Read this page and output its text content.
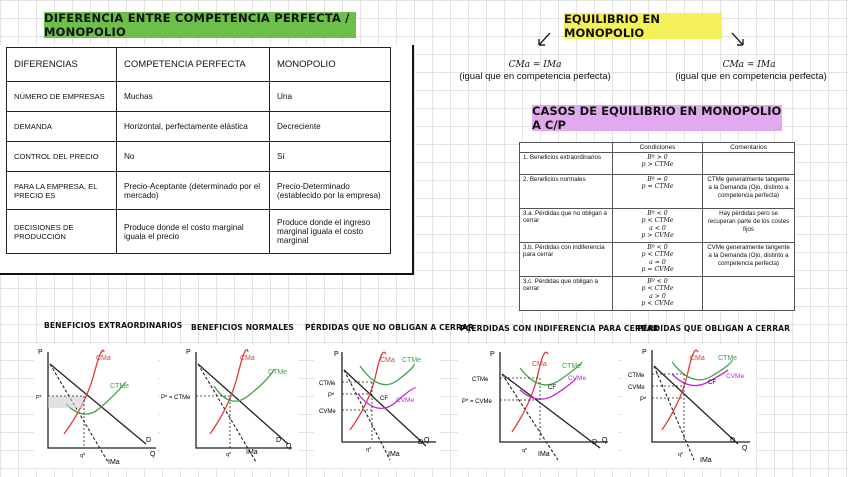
DIFERENCIA ENTRE COMPETENCIA PERFECTA / MONOPOLIO
DIFERENCIAS	COMPETENCIA PERFECTA	MONOPOLIO
NÚMERO DE EMPRESAS	Muchas	Una
DEMANDA	Horizontal, perfectamente elástica	Decreciente
CONTROL DEL PRECIO	No	Sí
PARA LA EMPRESA, EL PRECIO ES	Precio-Aceptante (determinado por el mercado)	Precio-Determinado (establecido por la empresa)
DECISIONES DE PRODUCCIÓN	Produce donde el costo marginal iguala el precio	Produce donde el ingreso marginal iguala el costo marginal
EQUILIBRIO EN MONOPOLIO
CMa = IMa
(igual que en competencia perfecta)
CMa = IMa
(igual que en competencia perfecta)
CASOS DE EQUILIBRIO EN MONOPOLIO A C/P
	Condiciones	Comentarios
1. Beneficios extraordinarios	Bº > 0
p > CTMe	

2. Beneficios normales	Bº = 0
p = CTMe	CTMe generalmente tangente a la Demanda (Ojo, distinto a competencia perfecta)
3.a. Pérdidas que no obligan a cerrar	Bº < 0
p < CTMe
a < 0
p > CVMe	Hay pérdidas pero se recuperan parte de los costes fijos
3.b. Pérdidas con indiferencia para cerrar	Bº < 0
p < CTMe
a = 0
p = CVMe	CVMe generalmente tangente a la Demanda (Ojo, distinto a competencia perfecta)
3.c. Pérdidas que obligan a cerrar	Bº < 0
p < CTMe
a > 0
p < CVMe	

BENEFICIOS EXTRAORDINARIOS BENEFICIOS NORMALES PÉRDIDAS QUE NO OBLIGAN A CERRAR
PÇERDIDAS CON INDIFERENCIA PARA CERRAR
PÉRDIDAS QUE OBLIGAN A CERRAR
P
CMa
CTMe
P*
q*
D
Q
IMa
P
CMa
CTMe
P* = CTMe
q*
D
Q
IMa
P
CMa CTMe
CTMe
P*
CVMe
CF CVMe
q*
D Q
IMa
P
CMa CTMe
CTMe
P* = CVMe
CF
CVMe
q*
D Q
IMa
P
CMa CTMe
CTMe
CVMe
P*
CF
CVMe
q*
D
Q
IMa
